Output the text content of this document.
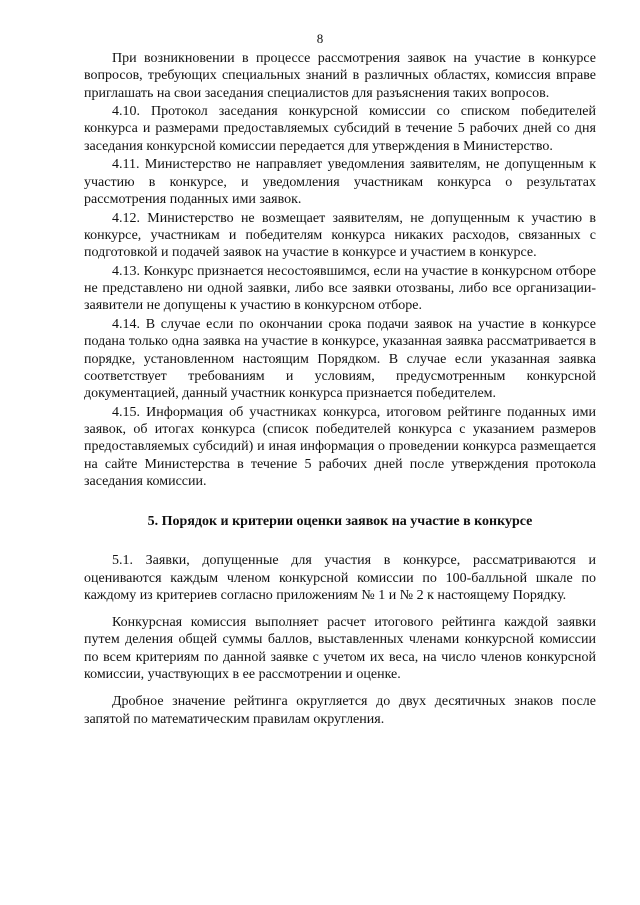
8

При возникновении в процессе рассмотрения заявок на участие в конкурсе вопросов, требующих специальных знаний в различных областях, комиссия вправе приглашать на свои заседания специалистов для разъяснения таких вопросов.

4.10. Протокол заседания конкурсной комиссии со списком победителей конкурса и размерами предоставляемых субсидий в течение 5 рабочих дней со дня заседания конкурсной комиссии передается для утверждения в Министерство.

4.11. Министерство не направляет уведомления заявителям, не допущенным к участию в конкурсе, и уведомления участникам конкурса о результатах рассмотрения поданных ими заявок.

4.12. Министерство не возмещает заявителям, не допущенным к участию в конкурсе, участникам и победителям конкурса никаких расходов, связанных с подготовкой и подачей заявок на участие в конкурсе и участием в конкурсе.

4.13. Конкурс признается несостоявшимся, если на участие в конкурсном отборе не представлено ни одной заявки, либо все заявки отозваны, либо все организации-заявители не допущены к участию в конкурсном отборе.

4.14. В случае если по окончании срока подачи заявок на участие в конкурсе подана только одна заявка на участие в конкурсе, указанная заявка рассматривается в порядке, установленном настоящим Порядком. В случае если указанная заявка соответствует требованиям и условиям, предусмотренным конкурсной документацией, данный участник конкурса признается победителем.

4.15. Информация об участниках конкурса, итоговом рейтинге поданных ими заявок, об итогах конкурса (список победителей конкурса с указанием размеров предоставляемых субсидий) и иная информация о проведении конкурса размещается на сайте Министерства в течение 5 рабочих дней после утверждения протокола заседания комиссии.

5. Порядок и критерии оценки заявок на участие в конкурсе

5.1. Заявки, допущенные для участия в конкурсе, рассматриваются и оцениваются каждым членом конкурсной комиссии по 100-балльной шкале по каждому из критериев согласно приложениям № 1 и № 2 к настоящему Порядку.

Конкурсная комиссия выполняет расчет итогового рейтинга каждой заявки путем деления общей суммы баллов, выставленных членами конкурсной комиссии по всем критериям по данной заявке с учетом их веса, на число членов конкурсной комиссии, участвующих в ее рассмотрении и оценке.

Дробное значение рейтинга округляется до двух десятичных знаков после запятой по математическим правилам округления.
